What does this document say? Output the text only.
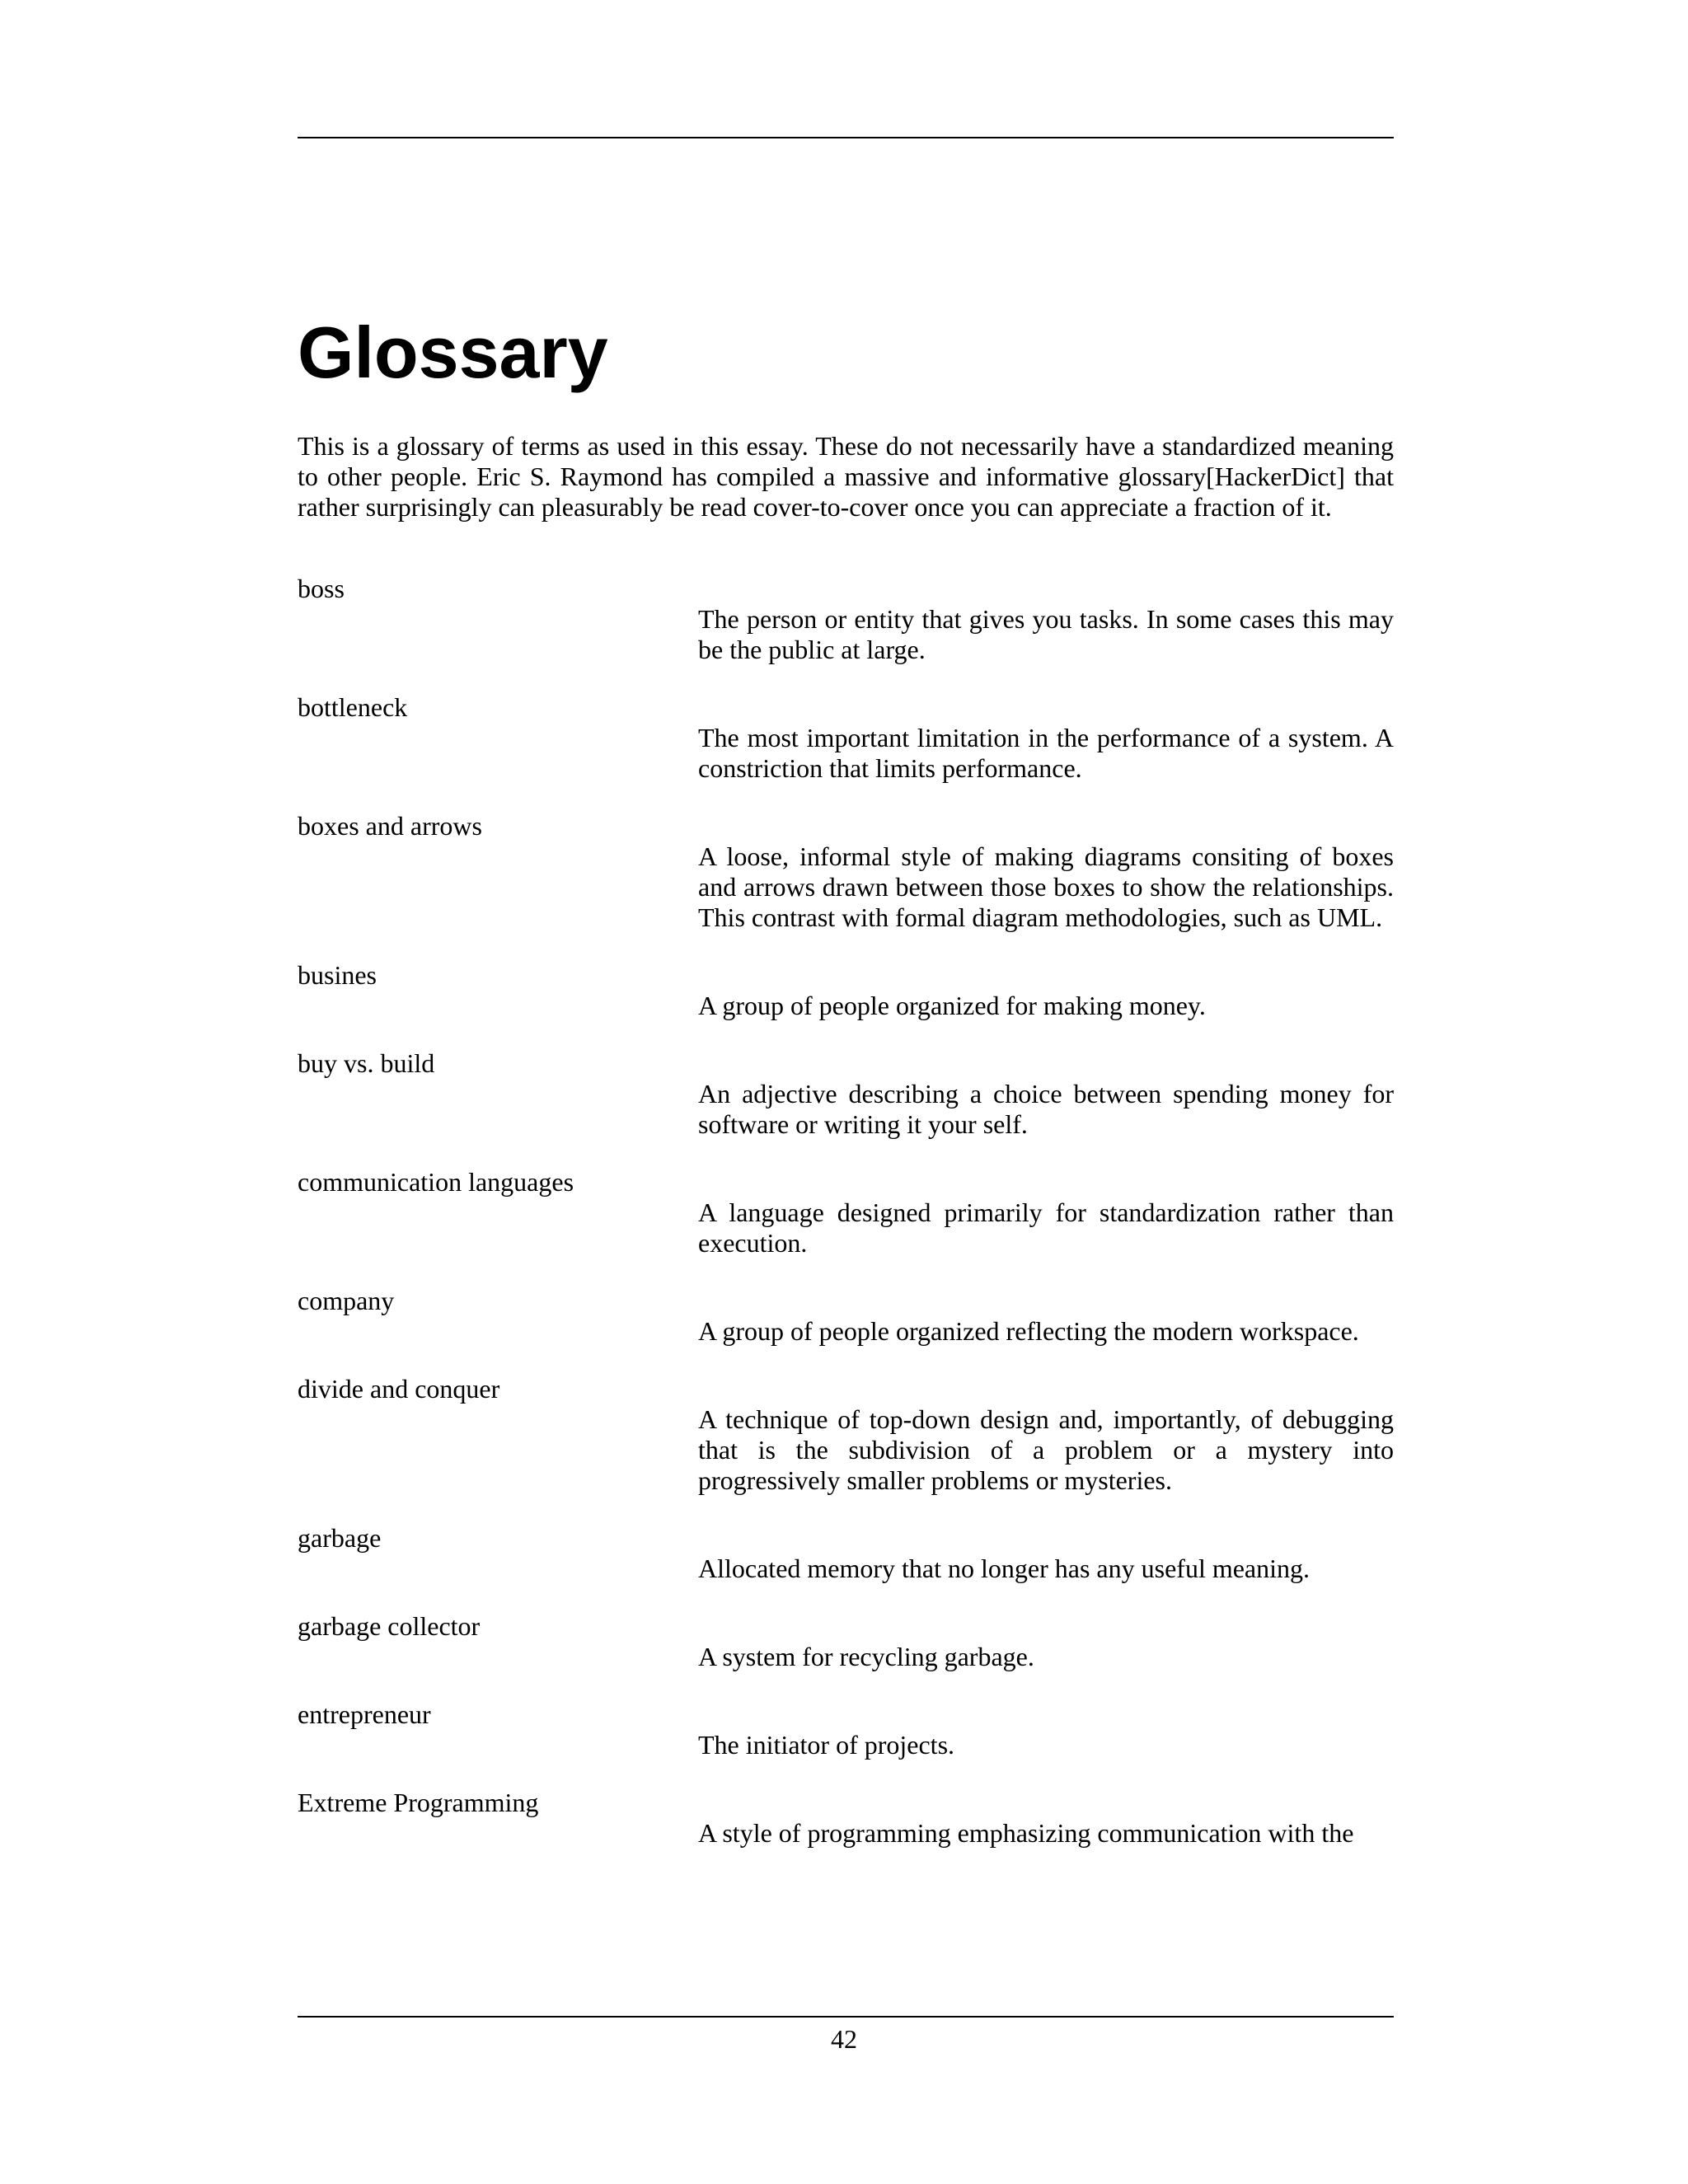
Glossary

This is a glossary of terms as used in this essay. These do not necessarily have a standardized meaning to other people. Eric S. Raymond has compiled a massive and informative glossary[HackerDict] that rather surprisingly can pleasurably be read cover-to-cover once you can appreciate a fraction of it.

boss
The person or entity that gives you tasks. In some cases this may be the public at large.
bottleneck
The most important limitation in the performance of a system. A constriction that limits performance.
boxes and arrows
A loose, informal style of making diagrams consiting of boxes and arrows drawn between those boxes to show the relationships. This contrast with formal diagram methodologies, such as UML.
busines
A group of people organized for making money.
buy vs. build
An adjective describing a choice between spending money for software or writing it your self.
communication languages
A language designed primarily for standardization rather than execution.
company
A group of people organized reflecting the modern workspace.
divide and conquer
A technique of top-down design and, importantly, of debugging that is the subdivision of a problem or a mystery into progressively smaller problems or mysteries.
garbage
Allocated memory that no longer has any useful meaning.
garbage collector
A system for recycling garbage.
entrepreneur
The initiator of projects.
Extreme Programming
A style of programming emphasizing communication with the
42
